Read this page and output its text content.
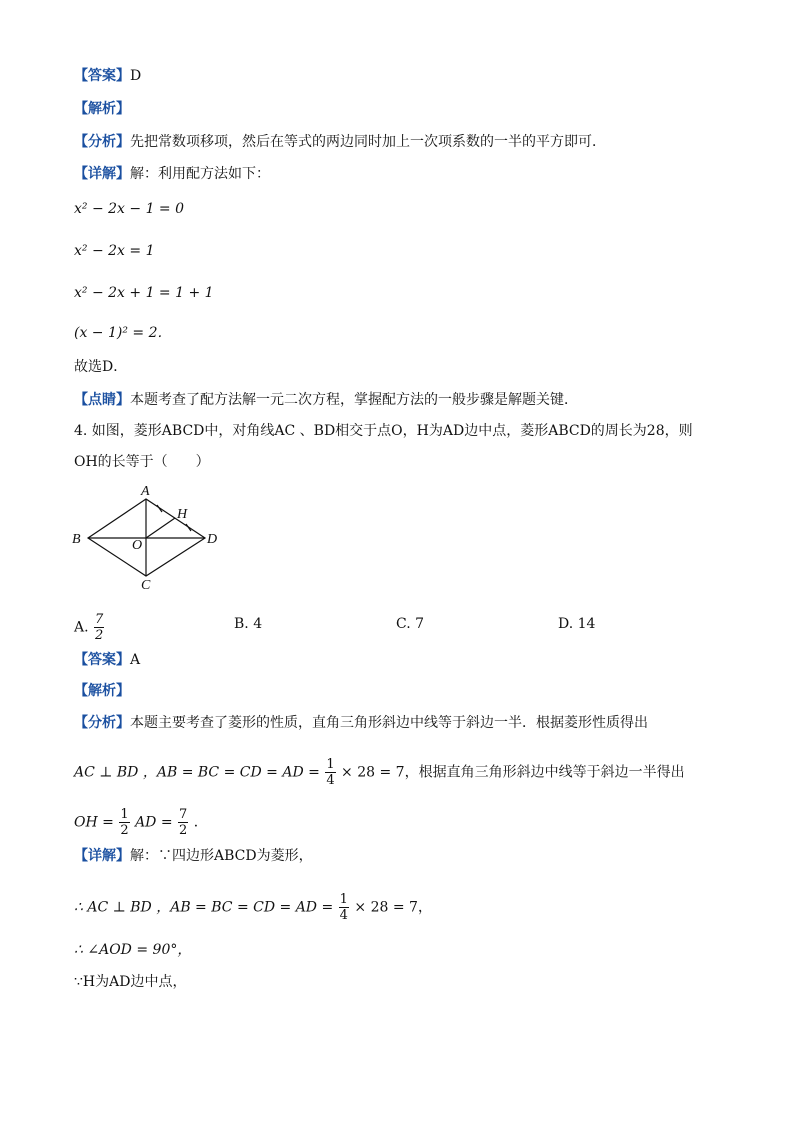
【答案】D
【解析】
【分析】先把常数项移项，然后在等式的两边同时加上一次项系数的一半的平方即可．
【详解】解：利用配方法如下：
x² − 2x − 1 = 0
x² − 2x = 1
x² − 2x + 1 = 1 + 1
(x − 1)² = 2．
故选D．
【点睛】本题考查了配方法解一元二次方程，掌握配方法的一般步骤是解题关键．
4. 如图，菱形ABCD中，对角线AC 、BD相交于点O，H为AD边中点，菱形ABCD的周长为28，则
OH的长等于（　　）
A
B
C
D
O
H
A. $\frac{7}{2}$	B. 4	C. 7	D. 14
【答案】A
【解析】
【分析】本题主要考查了菱形的性质，直角三角形斜边中线等于斜边一半．根据菱形性质得出
AC ⊥ BD ，AB = BC = CD = AD = $\frac{1}{4} \times 28 = 7$，根据直角三角形斜边中线等于斜边一半得出
OH = $\frac{1}{2}$ AD = $\frac{7}{2}$ ．
【详解】解：∵四边形ABCD为菱形，
∴ AC ⊥ BD ，AB = BC = CD = AD = $\frac{1}{4} \times 28 = 7$，
∴ ∠AOD = 90°，
∵H为AD边中点，
